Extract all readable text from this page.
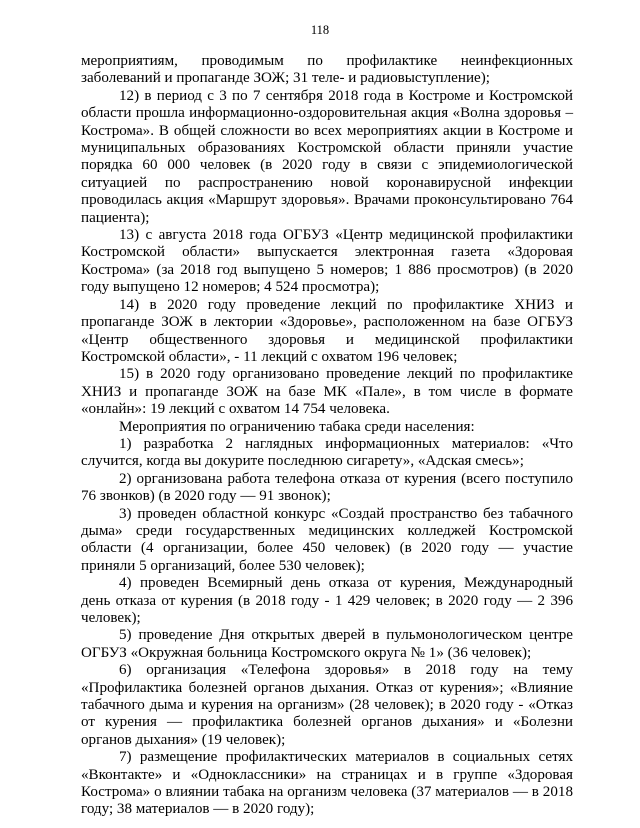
118

мероприятиям, проводимым по профилактике неинфекционных заболеваний и пропаганде ЗОЖ; 31 теле- и радиовыступление);

12) в период с 3 по 7 сентября 2018 года в Костроме и Костромской области прошла информационно-оздоровительная акция «Волна здоровья – Кострома». В общей сложности во всех мероприятиях акции в Костроме и муниципальных образованиях Костромской области приняли участие порядка 60 000 человек (в 2020 году в связи с эпидемиологической ситуацией по распространению новой коронавирусной инфекции проводилась акция «Маршрут здоровья». Врачами проконсультировано 764 пациента);

13) с августа 2018 года ОГБУЗ «Центр медицинской профилактики Костромской области» выпускается электронная газета «Здоровая Кострома» (за 2018 год выпущено 5 номеров; 1 886 просмотров) (в 2020 году выпущено 12 номеров; 4 524 просмотра);

14) в 2020 году проведение лекций по профилактике ХНИЗ и пропаганде ЗОЖ в лектории «Здоровье», расположенном на базе ОГБУЗ «Центр общественного здоровья и медицинской профилактики Костромской области», - 11 лекций с охватом 196 человек;

15) в 2020 году организовано проведение лекций по профилактике ХНИЗ и пропаганде ЗОЖ на базе МК «Пале», в том числе в формате «онлайн»: 19 лекций с охватом 14 754 человека.

Мероприятия по ограничению табака среди населения:

1) разработка 2 наглядных информационных материалов: «Что случится, когда вы докурите последнюю сигарету», «Адская смесь»;

2) организована работа телефона отказа от курения (всего поступило 76 звонков) (в 2020 году — 91 звонок);

3) проведен областной конкурс «Создай пространство без табачного дыма» среди государственных медицинских колледжей Костромской области (4 организации, более 450 человек) (в 2020 году — участие приняли 5 организаций, более 530 человек);

4) проведен Всемирный день отказа от курения, Международный день отказа от курения (в 2018 году - 1 429 человек; в 2020 году — 2 396 человек);

5) проведение Дня открытых дверей в пульмонологическом центре ОГБУЗ «Окружная больница Костромского округа № 1» (36 человек);

6) организация «Телефона здоровья» в 2018 году на тему «Профилактика болезней органов дыхания. Отказ от курения»; «Влияние табачного дыма и курения на организм» (28 человек); в 2020 году - «Отказ от курения — профилактика болезней органов дыхания» и «Болезни органов дыхания» (19 человек);

7) размещение профилактических материалов в социальных сетях «Вконтакте» и «Одноклассники» на страницах и в группе «Здоровая Кострома» о влиянии табака на организм человека (37 материалов — в 2018 году; 38 материалов — в 2020 году);
